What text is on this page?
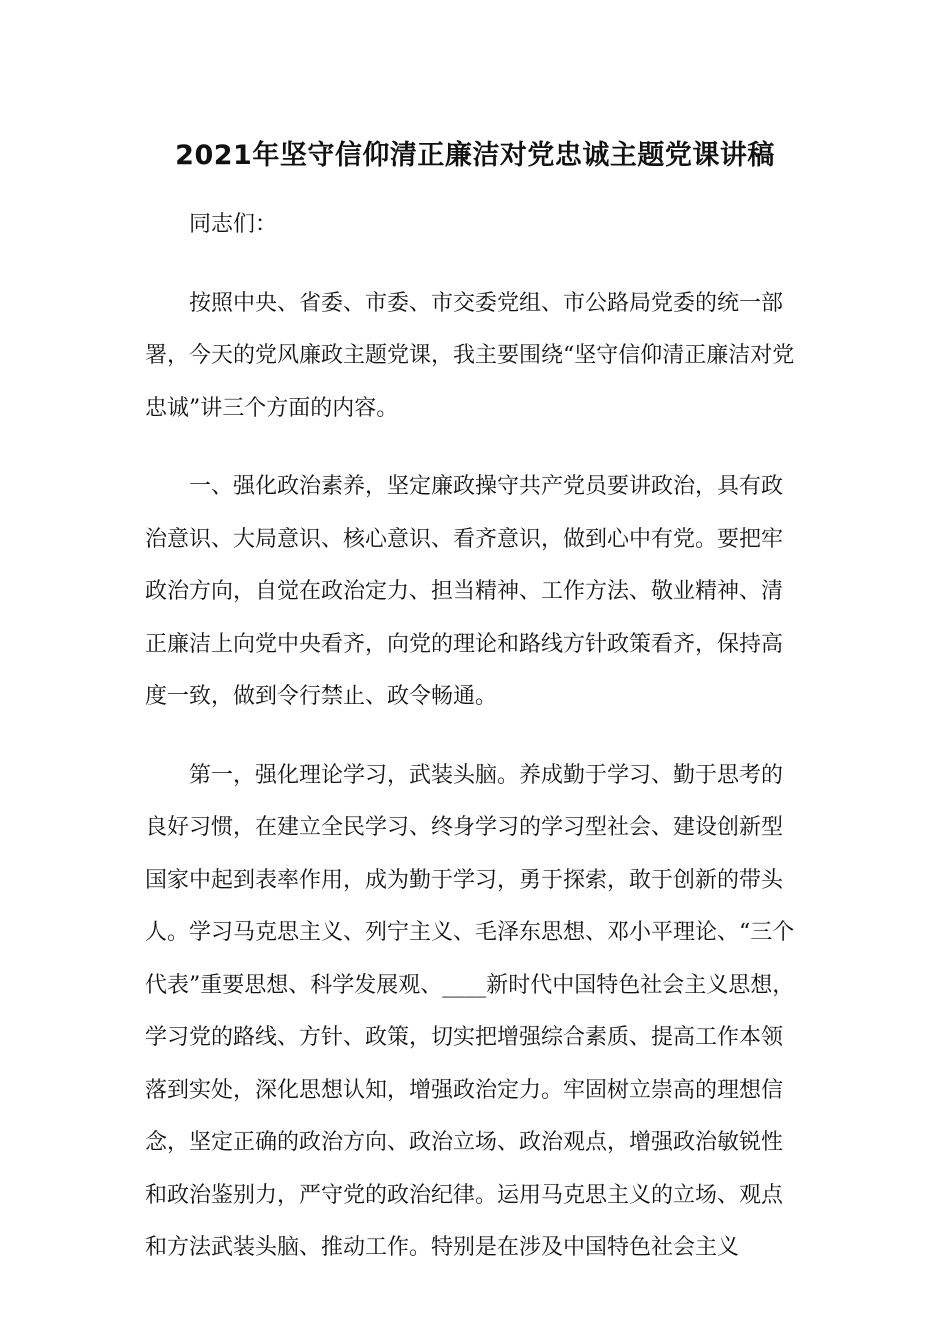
2021年坚守信仰清正廉洁对党忠诚主题党课讲稿

同志们：

按照中央、省委、市委、市交委党组、市公路局党委的统一部署，今天的党风廉政主题党课，我主要围绕“坚守信仰清正廉洁对党忠诚”讲三个方面的内容。

一、强化政治素养，坚定廉政操守共产党员要讲政治，具有政治意识、大局意识、核心意识、看齐意识，做到心中有党。要把牢政治方向，自觉在政治定力、担当精神、工作方法、敬业精神、清正廉洁上向党中央看齐，向党的理论和路线方针政策看齐，保持高度一致，做到令行禁止、政令畅通。

第一，强化理论学习，武装头脑。养成勤于学习、勤于思考的良好习惯，在建立全民学习、终身学习的学习型社会、建设创新型国家中起到表率作用，成为勤于学习，勇于探索，敢于创新的带头人。学习马克思主义、列宁主义、毛泽东思想、邓小平理论、“三个代表”重要思想、科学发展观、____新时代中国特色社会主义思想，学习党的路线、方针、政策，切实把增强综合素质、提高工作本领落到实处，深化思想认知，增强政治定力。牢固树立崇高的理想信念，坚定正确的政治方向、政治立场、政治观点，增强政治敏锐性和政治鉴别力，严守党的政治纪律。运用马克思主义的立场、观点和方法武装头脑、推动工作。特别是在涉及中国特色社会主义
